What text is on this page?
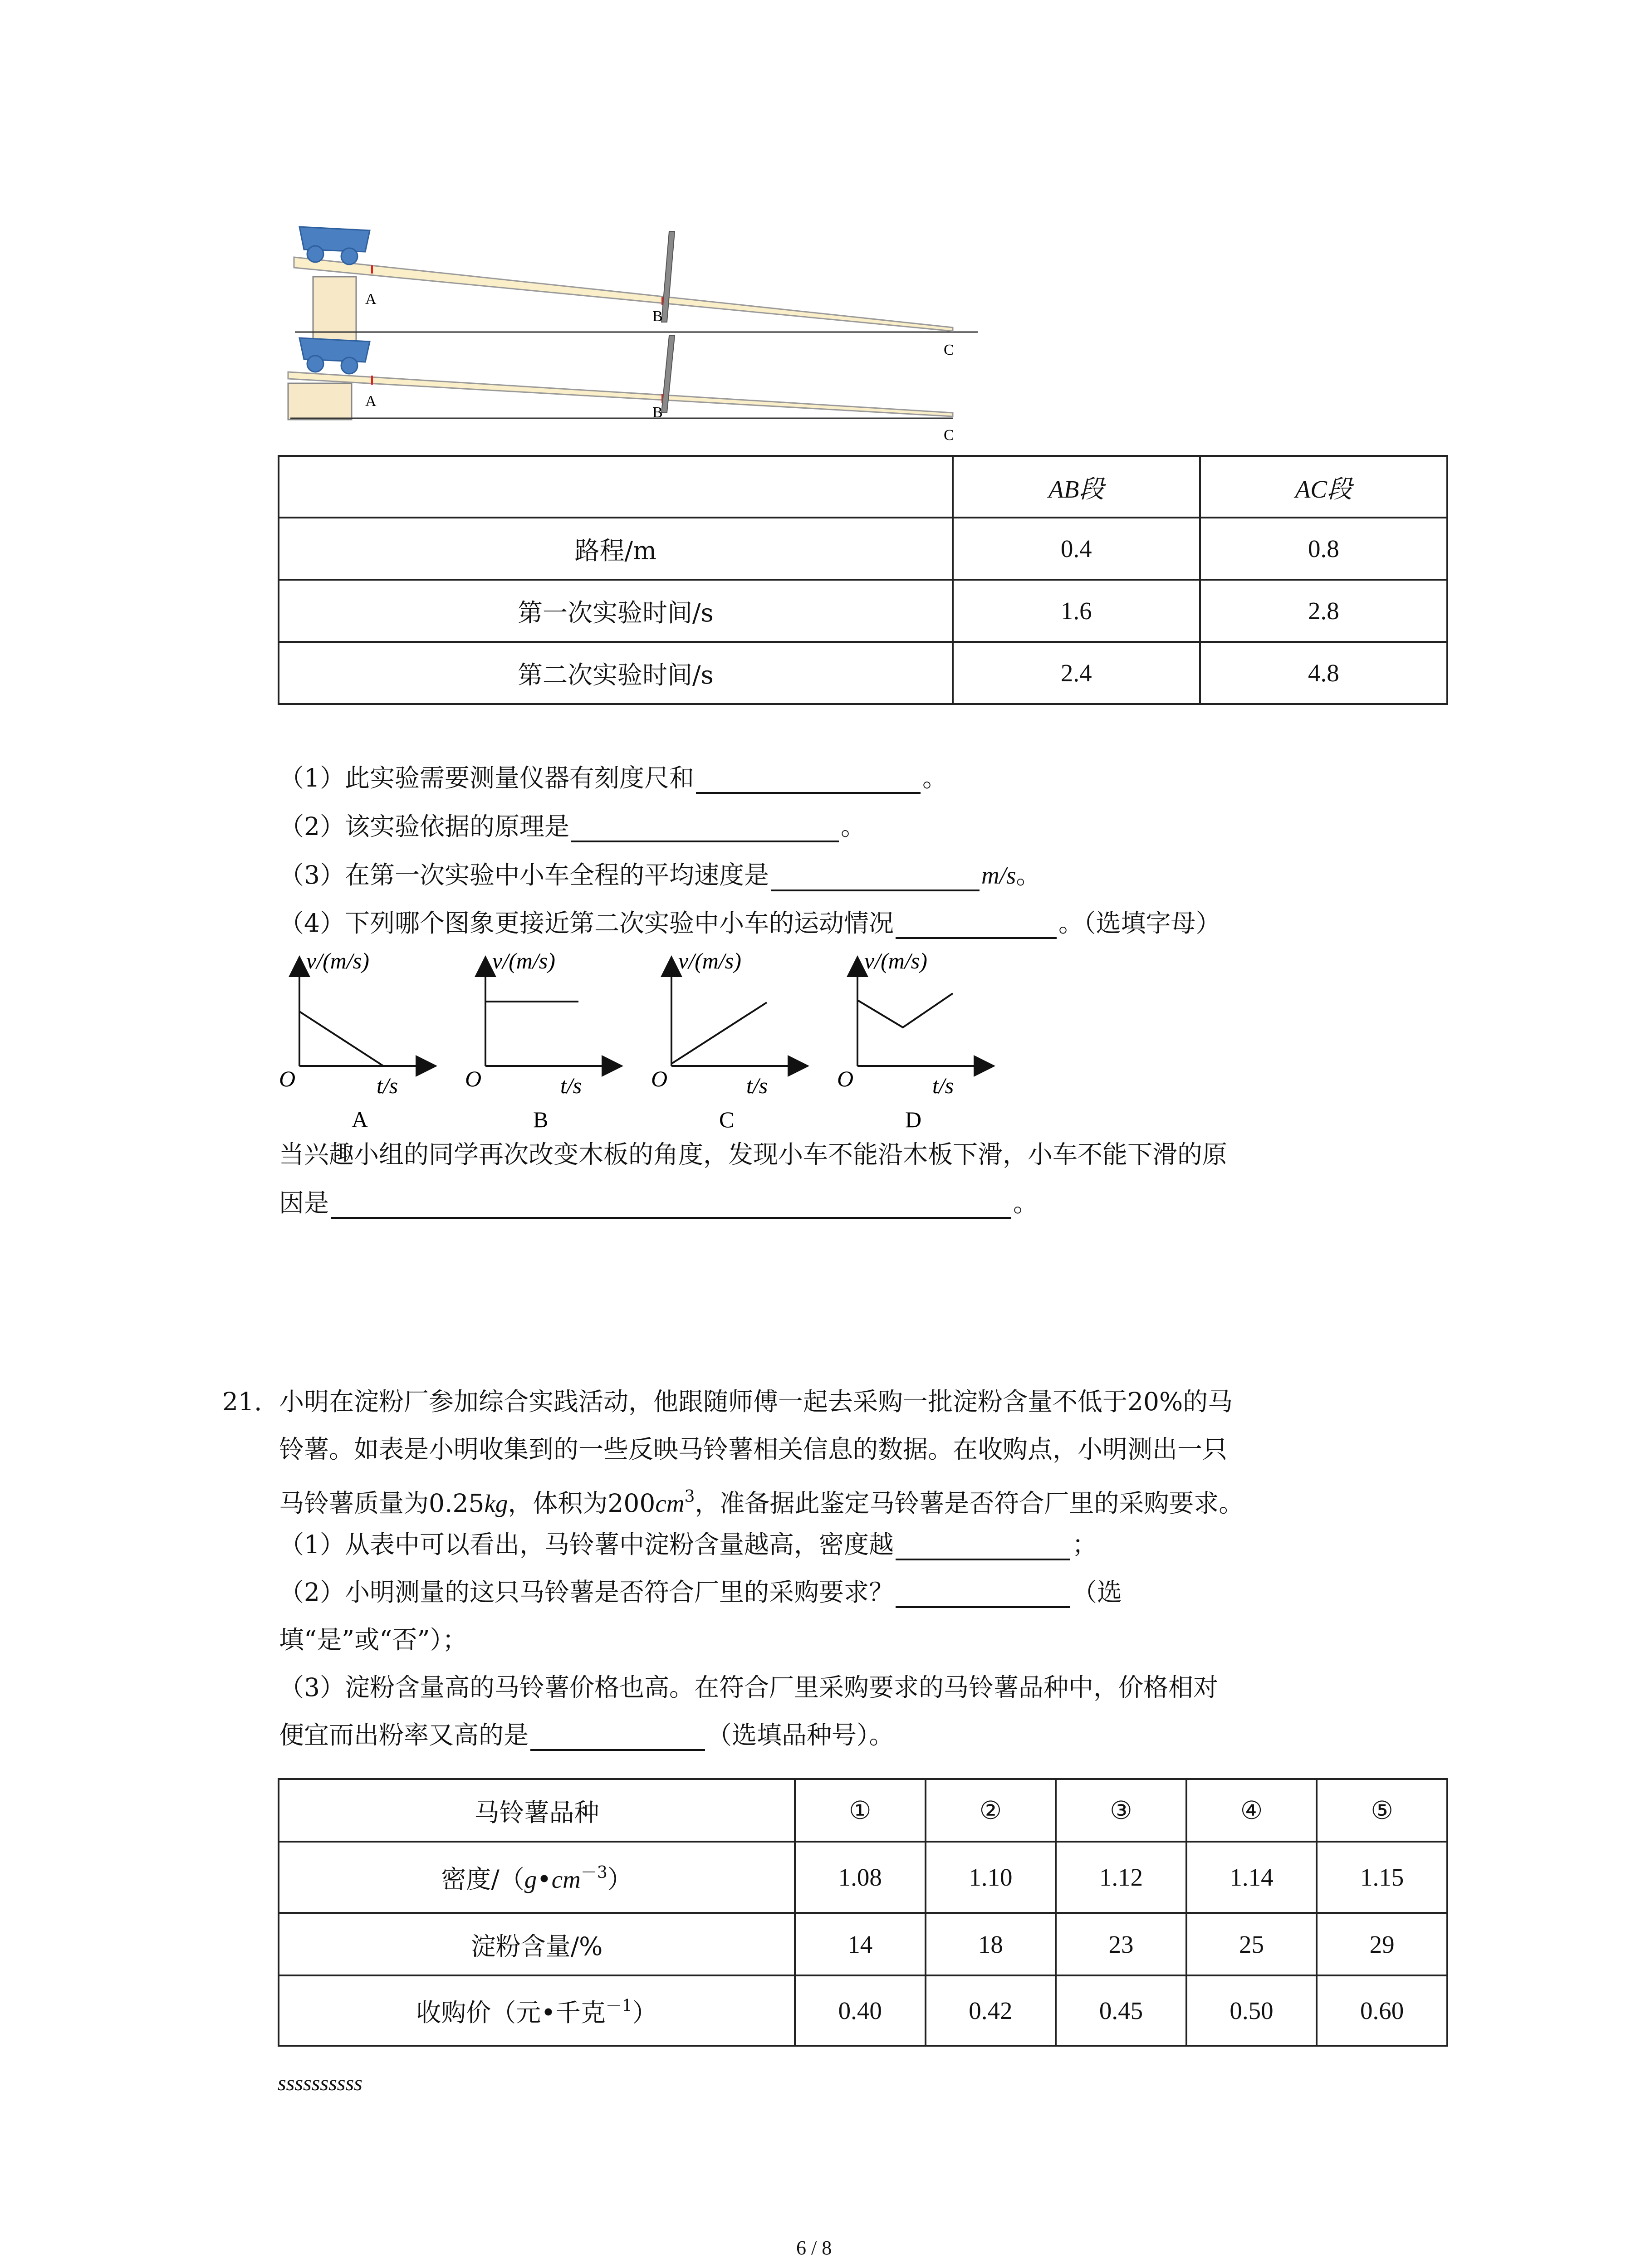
A
B
C
A
B
C
	AB段	AC段
路程/m	0.4	0.8
第一次实验时间/s	1.6	2.8
第二次实验时间/s	2.4	4.8
（1）此实验需要测量仪器有刻度尺和	。
（2）该实验依据的原理是	。
（3）在第一次实验中小车全程的平均速度是	m/s。
（4）下列哪个图象更接近第二次实验中小车的运动情况	。（选填字母）
v/(m/s)
t/s
O
A
v/(m/s)
t/s
O
B
v/(m/s)
t/s
O
C
v/(m/s)
t/s
O
D
当兴趣小组的同学再次改变木板的角度，发现小车不能沿木板下滑，小车不能下滑的原
因是	。
21. 小明在淀粉厂参加综合实践活动，他跟随师傅一起去采购一批淀粉含量不低于20%的马
铃薯。如表是小明收集到的一些反映马铃薯相关信息的数据。在收购点，小明测出一只
马铃薯质量为0.25kg，体积为$200cm^3$，准备据此鉴定马铃薯是否符合厂里的采购要求。
（1）从表中可以看出，马铃薯中淀粉含量越高，密度越	；
（2）小明测量的这只马铃薯是否符合厂里的采购要求？	（选
填“是”或“否”）；
（3）淀粉含量高的马铃薯价格也高。在符合厂里采购要求的马铃薯品种中，价格相对
便宜而出粉率又高的是	（选填品种号）。
马铃薯品种	①	②	③	④	⑤
密度$/(g•cm^{-3})$	1.08	1.10	1.12	1.14	1.15
淀粉含量/%	14	18	23	25	29
收购价（元•千克$^{-1}$）	0.40	0.42	0.45	0.50	0.60
ssssssssss
6 / 8
